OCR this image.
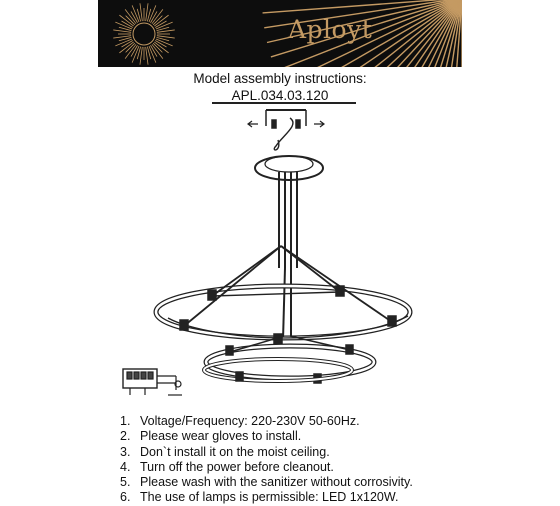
Aployt
Model assembly instructions:
APL.034.03.120
1. Voltage/Frequency: 220-230V 50-60Hz.
2. Please wear gloves to install.
3. Don`t install it on the moist ceiling.
4. Turn off the power before cleanout.
5. Please wash with the sanitizer without corrosivity.
6. The use of lamps is permissible: LED 1x120W.
